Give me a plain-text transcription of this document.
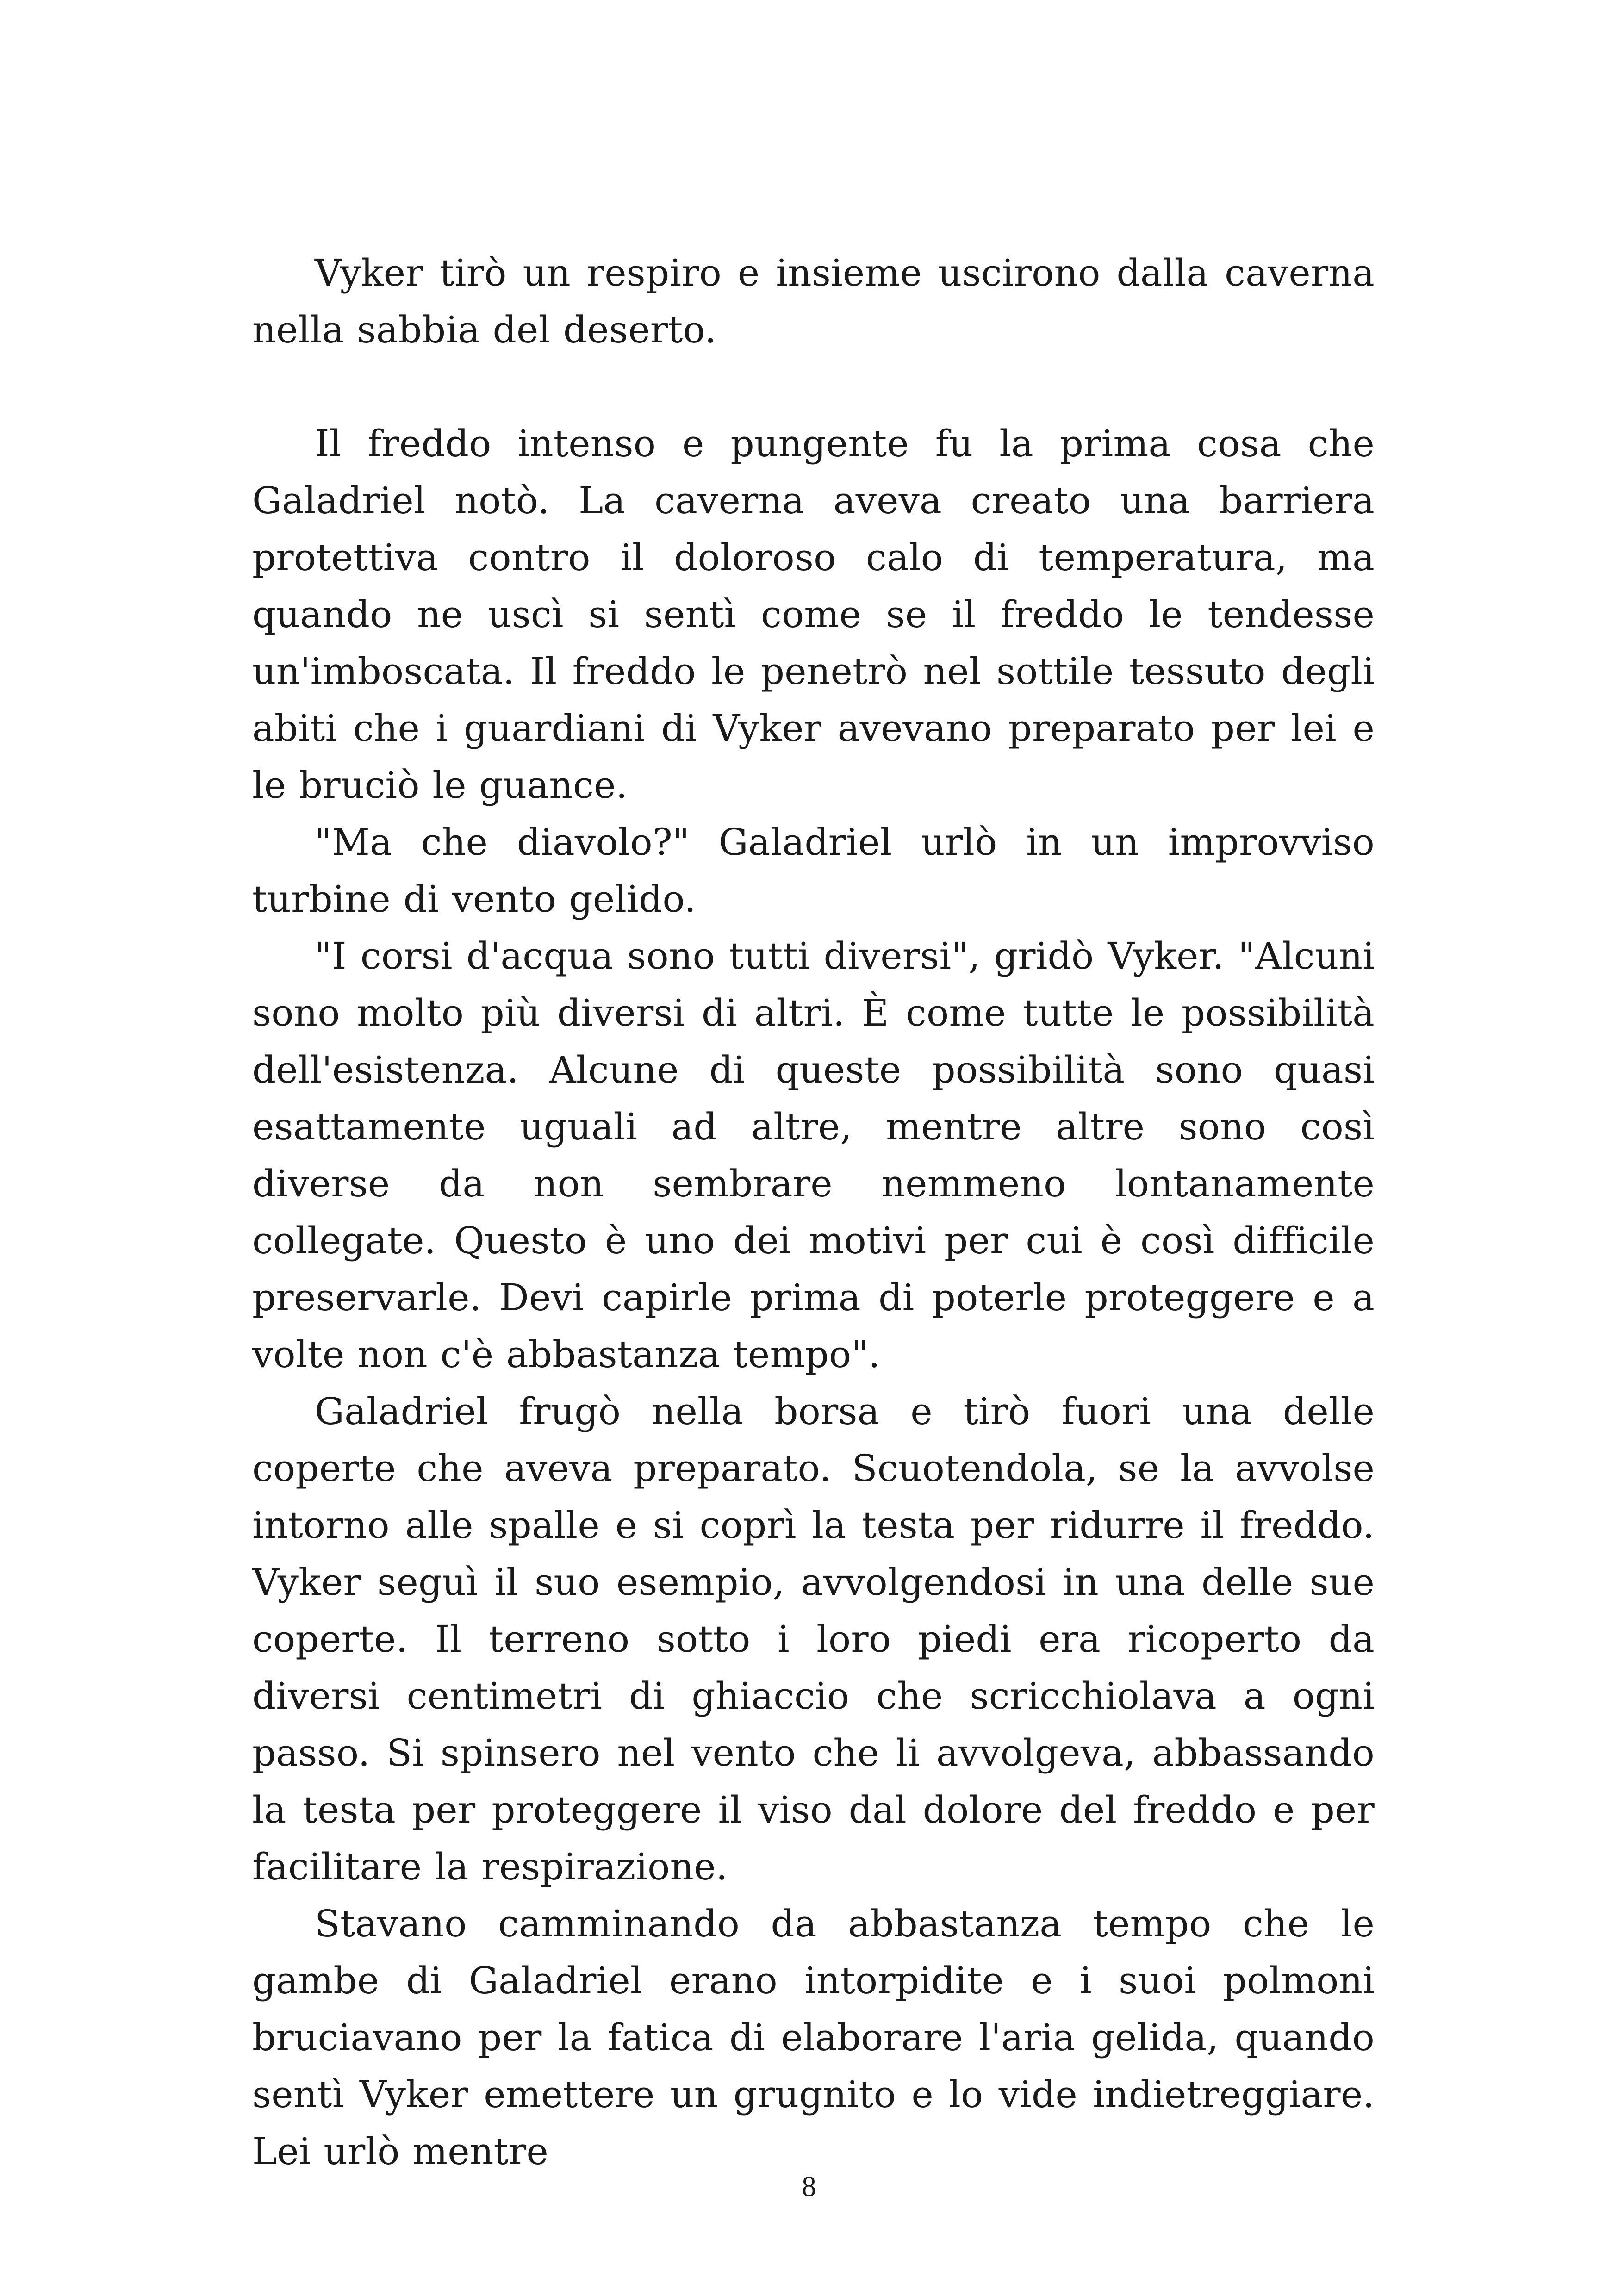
Vyker tirò un respiro e insieme uscirono dalla caverna nella sabbia del deserto.

Il freddo intenso e pungente fu la prima cosa che Galadriel notò. La caverna aveva creato una barriera protettiva contro il doloroso calo di temperatura, ma quando ne uscì si sentì come se il freddo le tendesse un'imboscata. Il freddo le penetrò nel sottile tessuto degli abiti che i guardiani di Vyker avevano preparato per lei e le bruciò le guance.

"Ma che diavolo?" Galadriel urlò in un improvviso turbine di vento gelido.

"I corsi d'acqua sono tutti diversi", gridò Vyker. "Alcuni sono molto più diversi di altri. È come tutte le possibilità dell'esistenza. Alcune di queste possibilità sono quasi esattamente uguali ad altre, mentre altre sono così diverse da non sembrare nemmeno lontanamente collegate. Questo è uno dei motivi per cui è così difficile preservarle. Devi capirle prima di poterle proteggere e a volte non c'è abbastanza tempo".

Galadriel frugò nella borsa e tirò fuori una delle coperte che aveva preparato. Scuotendola, se la avvolse intorno alle spalle e si coprì la testa per ridurre il freddo. Vyker seguì il suo esempio, avvolgendosi in una delle sue coperte. Il terreno sotto i loro piedi era ricoperto da diversi centimetri di ghiaccio che scricchiolava a ogni passo. Si spinsero nel vento che li avvolgeva, abbassando la testa per proteggere il viso dal dolore del freddo e per facilitare la respirazione.

Stavano camminando da abbastanza tempo che le gambe di Galadriel erano intorpidite e i suoi polmoni bruciavano per la fatica di elaborare l'aria gelida, quando sentì Vyker emettere un grugnito e lo vide indietreggiare. Lei urlò mentre

8
